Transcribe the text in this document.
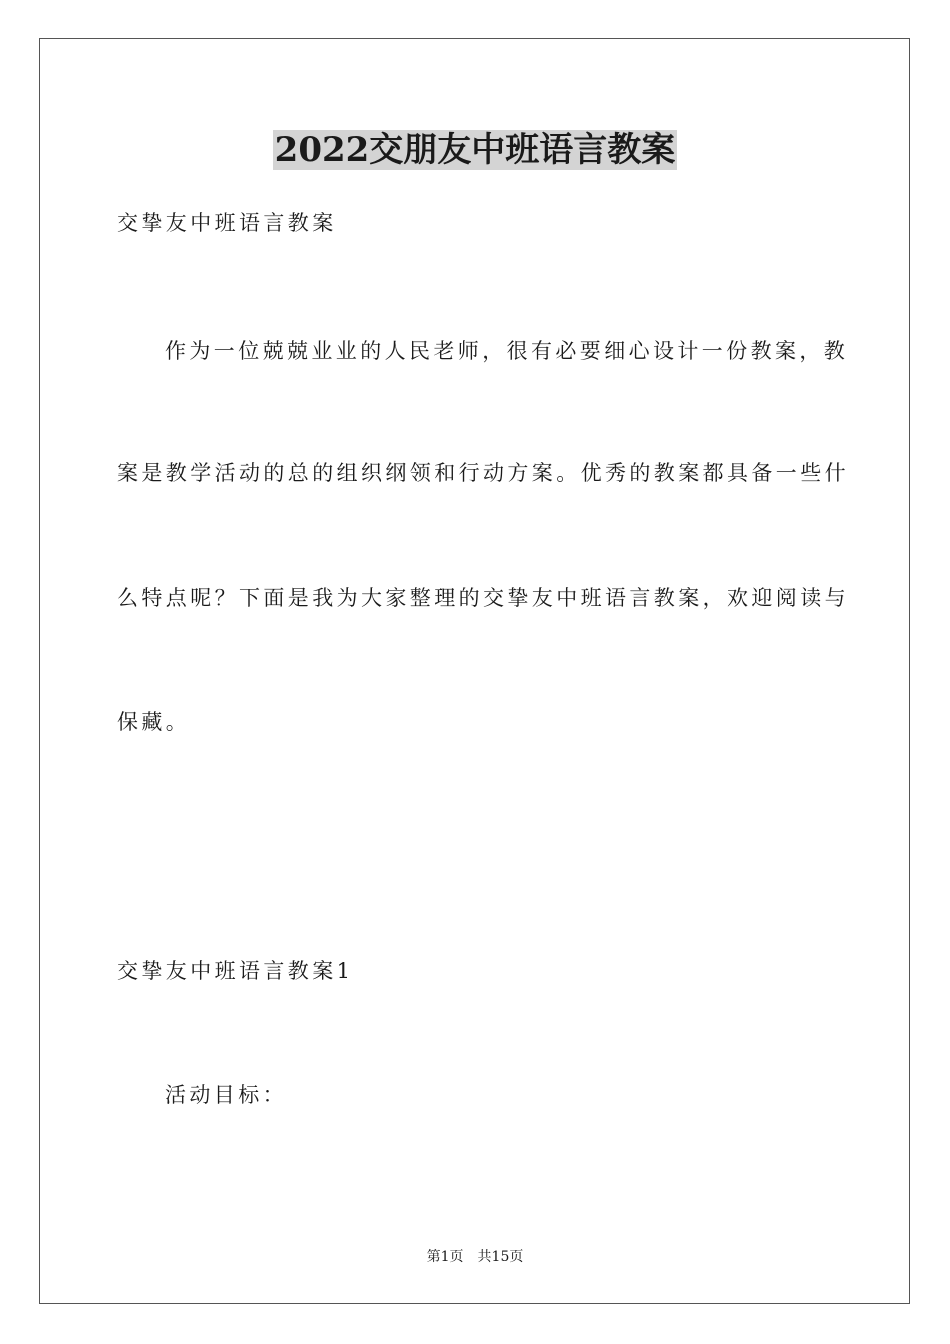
2022交朋友中班语言教案
交挚友中班语言教案
作为一位兢兢业业的人民老师，很有必要细心设计一份教案，教
案是教学活动的总的组织纲领和行动方案。优秀的教案都具备一些什
么特点呢？下面是我为大家整理的交挚友中班语言教案，欢迎阅读与
保藏。
交挚友中班语言教案1
活动目标：
第1页 共15页
